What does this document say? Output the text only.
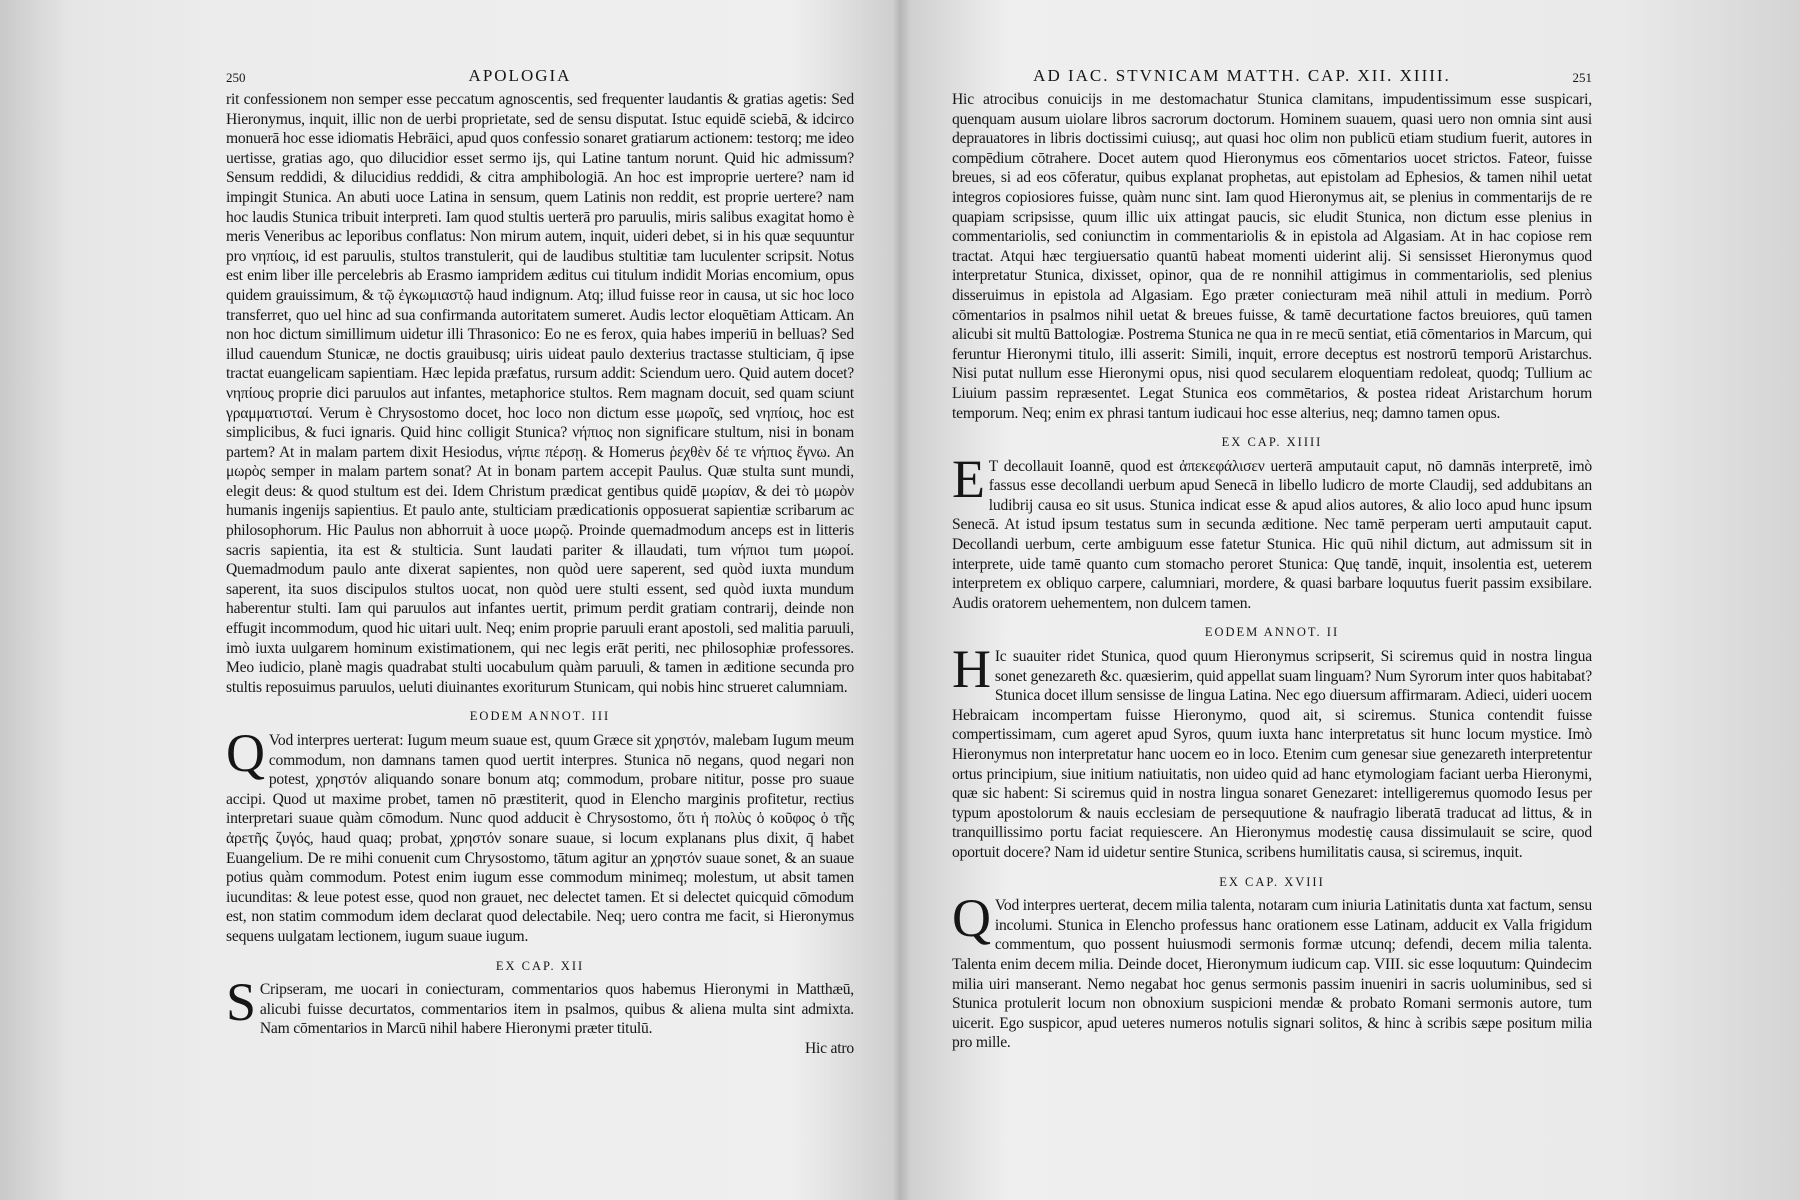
250	APOLOGIA

rit confessionem non semper esse peccatum agnoscentis, sed frequenter laudantis & gratias agetis: Sed Hieronymus, inquit, illic non de uerbi proprietate, sed de sensu disputat. Istuc equidē sciebā, & idcirco monuerā hoc esse idiomatis Hebrāici, apud quos confessio sonaret gratiarum actionem: testorq; me ideo uertisse, gratias ago, quo dilucidior esset sermo ijs, qui Latine tantum norunt. Quid hic admissum? Sensum reddidi, & dilucidius reddidi, & citra amphibologiā. An hoc est improprie uertere? nam id impingit Stunica. An abuti uoce Latina in sensum, quem Latinis non reddit, est proprie uertere? nam hoc laudis Stunica tribuit interpreti. Iam quod stultis uerterā pro paruulis, miris salibus exagitat homo è meris Veneribus ac leporibus conflatus: Non mirum autem, inquit, uideri debet, si in his quæ sequuntur pro νηπίοις, id est paruulis, stultos transtulerit, qui de laudibus stultitiæ tam luculenter scripsit. Notus est enim liber ille percelebris ab Erasmo iampridem æditus cui titulum indidit Morias encomium, opus quidem grauissimum, & τῷ ἐγκωμιαστῷ haud indignum. Atq; illud fuisse reor in causa, ut sic hoc loco transferret, quo uel hinc ad sua confirmanda autoritatem sumeret. Audis lector eloquētiam Atticam. An non hoc dictum simillimum uidetur illi Thrasonico: Eo ne es ferox, quia habes imperiū in belluas? Sed illud cauendum Stunicæ, ne doctis grauibusq; uiris uideat paulo dexterius tractasse stulticiam, q̄ ipse tractat euangelicam sapientiam. Hæc lepida præfatus, rursum addit: Sciendum uero. Quid autem docet? νηπίους proprie dici paruulos aut infantes, metaphorice stultos. Rem magnam docuit, sed quam sciunt γραμματισταί. Verum è Chrysostomo docet, hoc loco non dictum esse μωροῖς, sed νηπίοις, hoc est simplicibus, & fuci ignaris. Quid hinc colligit Stunica? νήπιος non significare stultum, nisi in bonam partem? At in malam partem dixit Hesiodus, νήπιε πέρσῃ. & Homerus ῥεχθὲν δέ τε νήπιος ἔγνω. An μωρὸς semper in malam partem sonat? At in bonam partem accepit Paulus. Quæ stulta sunt mundi, elegit deus: & quod stultum est dei. Idem Christum prædicat gentibus quidē μωρίαν, & dei τὸ μωρὸν humanis ingenijs sapientius. Et paulo ante, stulticiam prædicationis opposuerat sapientiæ scribarum ac philosophorum. Hic Paulus non abhorruit à uoce μωρῷ. Proinde quemadmodum anceps est in litteris sacris sapientia, ita est & stulticia. Sunt laudati pariter & illaudati, tum νήπιοι tum μωροί. Quemadmodum paulo ante dixerat sapientes, non quòd uere saperent, sed quòd iuxta mundum saperent, ita suos discipulos stultos uocat, non quòd uere stulti essent, sed quòd iuxta mundum haberentur stulti. Iam qui paruulos aut infantes uertit, primum perdit gratiam contrarij, deinde non effugit incommodum, quod hic uitari uult. Neq; enim proprie paruuli erant apostoli, sed malitia paruuli, imò iuxta uulgarem hominum existimationem, qui nec legis erāt periti, nec philosophiæ professores. Meo iudicio, planè magis quadrabat stulti uocabulum quàm paruuli, & tamen in æditione secunda pro stultis reposuimus paruulos, ueluti diuinantes exoriturum Stunicam, qui nobis hinc strueret calumniam.

EODEM ANNOT. III

Q Vod interpres uerterat: Iugum meum suaue est, quum Græce sit χρηστόν, malebam Iugum meum commodum, non damnans tamen quod uertit interpres. Stunica nō negans, quod negari non potest, χρηστόν aliquando sonare bonum atq; commodum, probare nititur, posse pro suaue accipi. Quod ut maxime probet, tamen nō præstiterit, quod in Elencho marginis profitetur, rectius interpretari suaue quàm cōmodum. Nunc quod adducit è Chrysostomo, ὅτι ἡ πολὺς ὁ κοῦφος ὁ τῆς ἀρετῆς ζυγός, haud quaq; probat, χρηστόν sonare suaue, si locum explanans plus dixit, q̄ habet Euangelium. De re mihi conuenit cum Chrysostomo, tātum agitur an χρηστόν suaue sonet, & an suaue potius quàm commodum. Potest enim iugum esse commodum minimeq; molestum, ut absit tamen iucunditas: & leue potest esse, quod non grauet, nec delectet tamen. Et si delectet quicquid cōmodum est, non statim commodum idem declarat quod delectabile. Neq; uero contra me facit, si Hieronymus sequens uulgatam lectionem, iugum suaue iugum.

EX CAP. XII

S Cripseram, me uocari in coniecturam, commentarios quos habemus Hieronymi in Matthæū, alicubi fuisse decurtatos, commentarios item in psalmos, quibus & aliena multa sint admixta. Nam cōmentarios in Marcū nihil habere Hieronymi præter titulū.

Hic atro
AD IAC. STVNICAM MATTH. CAP. XII. XIIII.	251

Hic atrocibus conuicijs in me destomachatur Stunica clamitans, impudentissimum esse suspicari, quenquam ausum uiolare libros sacrorum doctorum. Hominem suauem, quasi uero non omnia sint ausi deprauatores in libris doctissimi cuiusq;, aut quasi hoc olim non publicū etiam studium fuerit, autores in compēdium cōtrahere. Docet autem quod Hieronymus eos cōmentarios uocet strictos. Fateor, fuisse breues, si ad eos cōferatur, quibus explanat prophetas, aut epistolam ad Ephesios, & tamen nihil uetat integros copiosiores fuisse, quàm nunc sint. Iam quod Hieronymus ait, se plenius in commentarijs de re quapiam scripsisse, quum illic uix attingat paucis, sic eludit Stunica, non dictum esse plenius in commentariolis, sed coniunctim in commentariolis & in epistola ad Algasiam. At in hac copiose rem tractat. Atqui hæc tergiuersatio quantū habeat momenti uiderint alij. Si sensisset Hieronymus quod interpretatur Stunica, dixisset, opinor, qua de re nonnihil attigimus in commentariolis, sed plenius disseruimus in epistola ad Algasiam. Ego præter coniecturam meā nihil attuli in medium. Porrò cōmentarios in psalmos nihil uetat & breues fuisse, & tamē decurtatione factos breuiores, quū tamen alicubi sit multū Battologiæ. Postrema Stunica ne qua in re mecū sentiat, etiā cōmentarios in Marcum, qui feruntur Hieronymi titulo, illi asserit: Simili, inquit, errore deceptus est nostrorū temporū Aristarchus. Nisi putat nullum esse Hieronymi opus, nisi quod secularem eloquentiam redoleat, quodq; Tullium ac Liuium passim repræsentet. Legat Stunica eos commētarios, & postea rideat Aristarchum horum temporum. Neq; enim ex phrasi tantum iudicaui hoc esse alterius, neq; damno tamen opus.

EX CAP. XIIII

E T decollauit Ioannē, quod est ἀπεκεφάλισεν uerterā amputauit caput, nō damnās interpretē, imò fassus esse decollandi uerbum apud Senecā in libello ludicro de morte Claudij, sed addubitans an ludibrij causa eo sit usus. Stunica indicat esse & apud alios autores, & alio loco apud hunc ipsum Senecā. At istud ipsum testatus sum in secunda æditione. Nec tamē perperam uerti amputauit caput. Decollandi uerbum, certe ambiguum esse fatetur Stunica. Hic quū nihil dictum, aut admissum sit in interprete, uide tamē quanto cum stomacho peroret Stunica: Quę tandē, inquit, insolentia est, ueterem interpretem ex obliquo carpere, calumniari, mordere, & quasi barbare loquutus fuerit passim exsibilare. Audis oratorem uehementem, non dulcem tamen.

EODEM ANNOT. II

H Ic suauiter ridet Stunica, quod quum Hieronymus scripserit, Si sciremus quid in nostra lingua sonet genezareth &c. quæsierim, quid appellat suam linguam? Num Syrorum inter quos habitabat? Stunica docet illum sensisse de lingua Latina. Nec ego diuersum affirmaram. Adieci, uideri uocem Hebraicam incompertam fuisse Hieronymo, quod ait, si sciremus. Stunica contendit fuisse compertissimam, cum ageret apud Syros, quum iuxta hanc interpretatus sit hunc locum mystice. Imò Hieronymus non interpretatur hanc uocem eo in loco. Etenim cum genesar siue genezareth interpretentur ortus principium, siue initium natiuitatis, non uideo quid ad hanc etymologiam faciant uerba Hieronymi, quæ sic habent: Si sciremus quid in nostra lingua sonaret Genezaret: intelligeremus quomodo Iesus per typum apostolorum & nauis ecclesiam de persequutione & naufragio liberatā traducat ad littus, & in tranquillissimo portu faciat requiescere. An Hieronymus modestię causa dissimulauit se scire, quod oportuit docere? Nam id uidetur sentire Stunica, scribens humilitatis causa, si sciremus, inquit.

EX CAP. XVIII

Q Vod interpres uerterat, decem milia talenta, notaram cum iniuria Latinitatis dunta xat factum, sensu incolumi. Stunica in Elencho professus hanc orationem esse Latinam, adducit ex Valla frigidum commentum, quo possent huiusmodi sermonis formæ utcunq; defendi, decem milia talenta. Talenta enim decem milia. Deinde docet, Hieronymum iudicum cap. VIII. sic esse loquutum: Quindecim milia uiri manserant. Nemo negabat hoc genus sermonis passim inueniri in sacris uoluminibus, sed si Stunica protulerit locum non obnoxium suspicioni mendæ & probato Romani sermonis autore, tum uicerit. Ego suspicor, apud ueteres numeros notulis signari solitos, & hinc à scribis sæpe positum milia pro mille.
